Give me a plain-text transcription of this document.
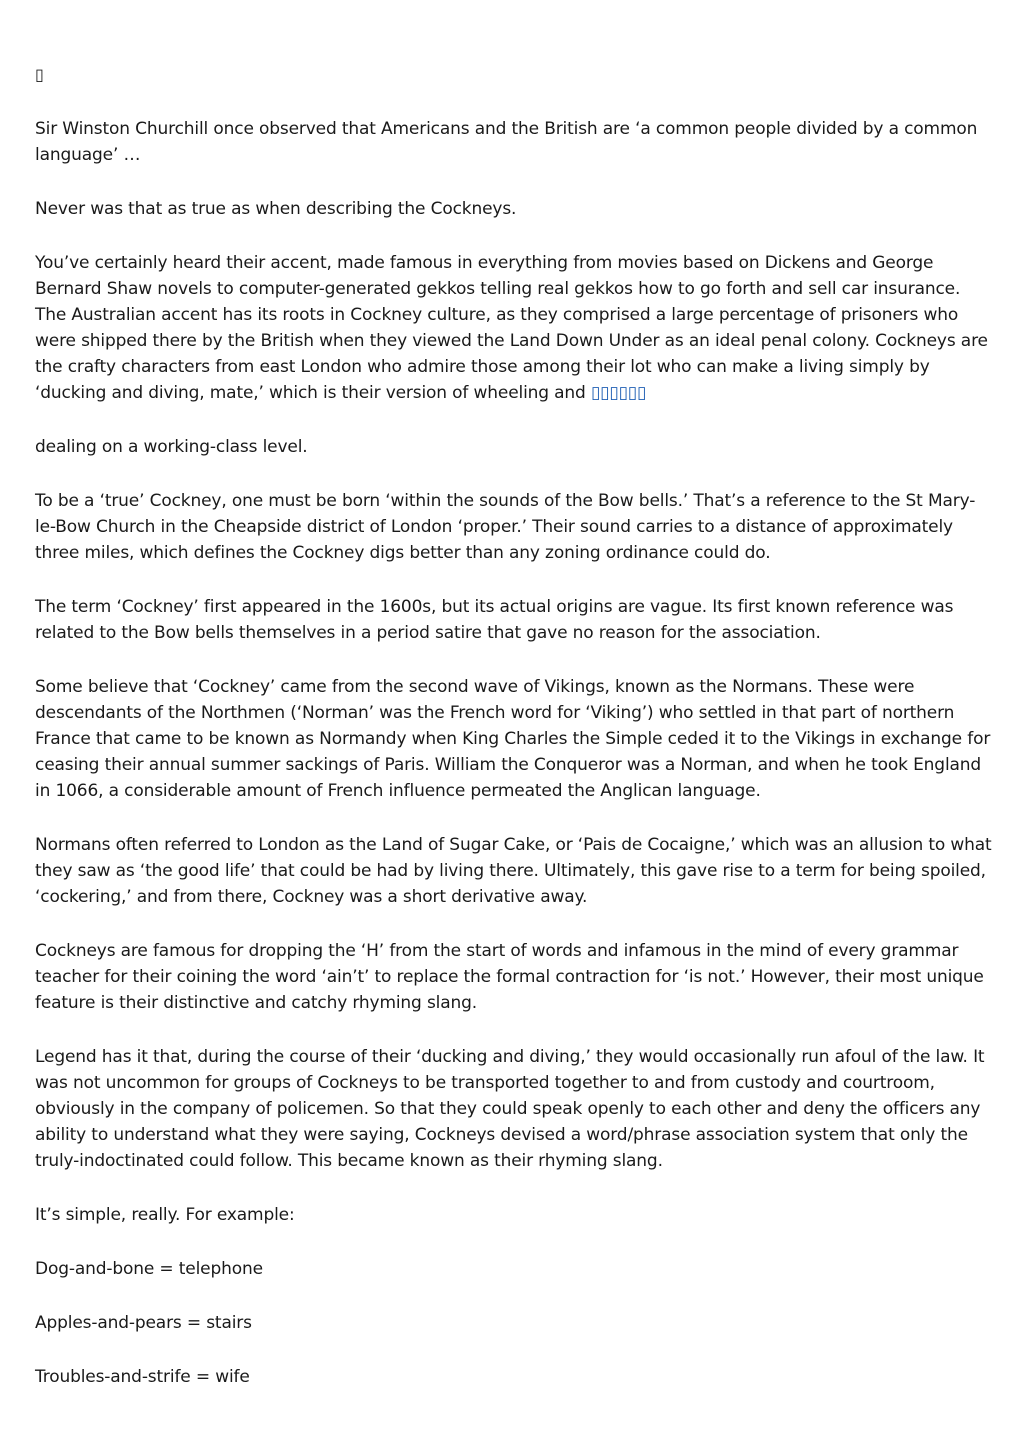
▯

Sir Winston Churchill once observed that Americans and the British are ‘a common people divided by a common language’ …

Never was that as true as when describing the Cockneys.

You’ve certainly heard their accent, made famous in everything from movies based on Dickens and George Bernard Shaw novels to computer-generated gekkos telling real gekkos how to go forth and sell car insurance. The Australian accent has its roots in Cockney culture, as they comprised a large percentage of prisoners who were shipped there by the British when they viewed the Land Down Under as an ideal penal colony. Cockneys are the crafty characters from east London who admire those among their lot who can make a living simply by ‘ducking and diving, mate,’ which is their version of wheeling and ▯▯▯▯▯▯

dealing on a working-class level.

To be a ‘true’ Cockney, one must be born ‘within the sounds of the Bow bells.’ That’s a reference to the St Mary-le-Bow Church in the Cheapside district of London ‘proper.’ Their sound carries to a distance of approximately three miles, which defines the Cockney digs better than any zoning ordinance could do.

The term ‘Cockney’ first appeared in the 1600s, but its actual origins are vague. Its first known reference was related to the Bow bells themselves in a period satire that gave no reason for the association.

Some believe that ‘Cockney’ came from the second wave of Vikings, known as the Normans. These were descendants of the Northmen (‘Norman’ was the French word for ‘Viking’) who settled in that part of northern France that came to be known as Normandy when King Charles the Simple ceded it to the Vikings in exchange for ceasing their annual summer sackings of Paris. William the Conqueror was a Norman, and when he took England in 1066, a considerable amount of French influence permeated the Anglican language.

Normans often referred to London as the Land of Sugar Cake, or ‘Pais de Cocaigne,’ which was an allusion to what they saw as ‘the good life’ that could be had by living there. Ultimately, this gave rise to a term for being spoiled, ‘cockering,’ and from there, Cockney was a short derivative away.

Cockneys are famous for dropping the ‘H’ from the start of words and infamous in the mind of every grammar teacher for their coining the word ‘ain’t’ to replace the formal contraction for ‘is not.’ However, their most unique feature is their distinctive and catchy rhyming slang.

Legend has it that, during the course of their ‘ducking and diving,’ they would occasionally run afoul of the law. It was not uncommon for groups of Cockneys to be transported together to and from custody and courtroom, obviously in the company of policemen. So that they could speak openly to each other and deny the officers any ability to understand what they were saying, Cockneys devised a word/phrase association system that only the truly-indoctinated could follow. This became known as their rhyming slang.

It’s simple, really. For example:

Dog-and-bone = telephone

Apples-and-pears = stairs

Troubles-and-strife = wife
